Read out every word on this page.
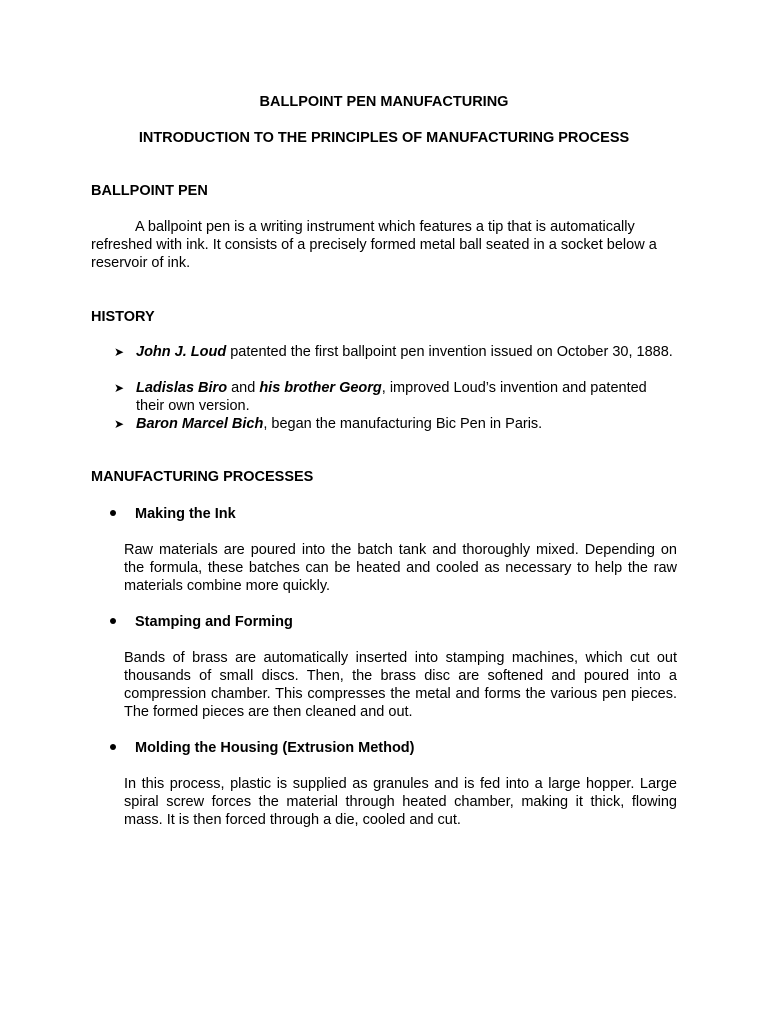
BALLPOINT PEN MANUFACTURING

INTRODUCTION TO THE PRINCIPLES OF MANUFACTURING PROCESS

BALLPOINT PEN

A ballpoint pen is a writing instrument which features a tip that is automatically refreshed with ink. It consists of a precisely formed metal ball seated in a socket below a reservoir of ink.

HISTORY

➤ John J. Loud patented the first ballpoint pen invention issued on October 30, 1888.
➤ Ladislas Biro and his brother Georg, improved Loud’s invention and patented their own version.
➤ Baron Marcel Bich, began the manufacturing Bic Pen in Paris.

MANUFACTURING PROCESSES

Making the Ink

Raw materials are poured into the batch tank and thoroughly mixed. Depending on the formula, these batches can be heated and cooled as necessary to help the raw materials combine more quickly.

Stamping and Forming

Bands of brass are automatically inserted into stamping machines, which cut out thousands of small discs. Then, the brass disc are softened and poured into a compression chamber. This compresses the metal and forms the various pen pieces. The formed pieces are then cleaned and out.

Molding the Housing (Extrusion Method)

In this process, plastic is supplied as granules and is fed into a large hopper. Large spiral screw forces the material through heated chamber, making it thick, flowing mass. It is then forced through a die, cooled and cut.
